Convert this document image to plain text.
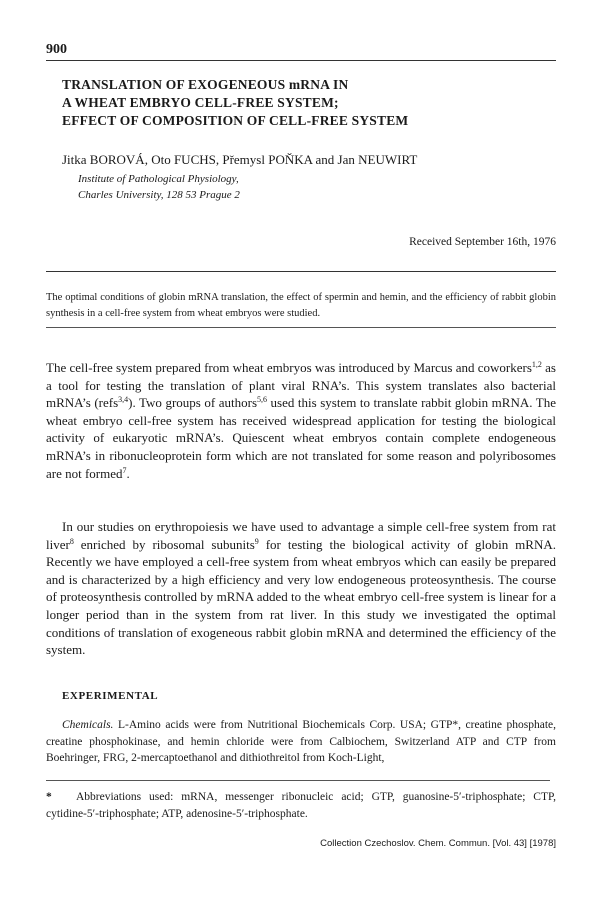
900
TRANSLATION OF EXOGENEOUS mRNA IN
A WHEAT EMBRYO CELL-FREE SYSTEM;
EFFECT OF COMPOSITION OF CELL-FREE SYSTEM
Jitka BOROVÁ, Oto FUCHS, Přemysl POŇKA and Jan NEUWIRT
Institute of Pathological Physiology,
Charles University, 128 53 Prague 2
Received September 16th, 1976
The optimal conditions of globin mRNA translation, the effect of spermin and hemin, and the efficiency of rabbit globin synthesis in a cell-free system from wheat embryos were studied.

The cell-free system prepared from wheat embryos was introduced by Marcus and coworkers$^{1,2}$ as a tool for testing the translation of plant viral RNA’s. This system translates also bacterial mRNA’s (refs$^{3,4}$). Two groups of authors$^{5,6}$ used this system to translate rabbit globin mRNA. The wheat embryo cell-free system has received widespread application for testing the biological activity of eukaryotic mRNA’s. Quiescent wheat embryos contain complete endogeneous mRNA’s in ribonucleoprotein form which are not translated for some reason and polyribosomes are not formed$^7$.

In our studies on erythropoiesis we have used to advantage a simple cell-free system from rat liver$^8$ enriched by ribosomal subunits$^9$ for testing the biological activity of globin mRNA. Recently we have employed a cell-free system from wheat embryos which can easily be prepared and is characterized by a high efficiency and very low endogeneous proteosynthesis. The course of proteosynthesis controlled by mRNA added to the wheat embryo cell-free system is linear for a longer period than in the system from rat liver. In this study we investigated the optimal conditions of translation of exogeneous rabbit globin mRNA and determined the efficiency of the system.

EXPERIMENTAL
Chemicals. L-Amino acids were from Nutritional Biochemicals Corp. USA; GTP*, creatine phosphate, creatine phosphokinase, and hemin chloride were from Calbiochem, Switzerland ATP and CTP from Boehringer, FRG, 2-mercaptoethanol and dithiothreitol from Koch-Light,
* Abbreviations used: mRNA, messenger ribonucleic acid; GTP, guanosine-5′-triphosphate; CTP, cytidine-5′-triphosphate; ATP, adenosine-5′-triphosphate.
Collection Czechoslov. Chem. Commun. [Vol. 43] [1978]
